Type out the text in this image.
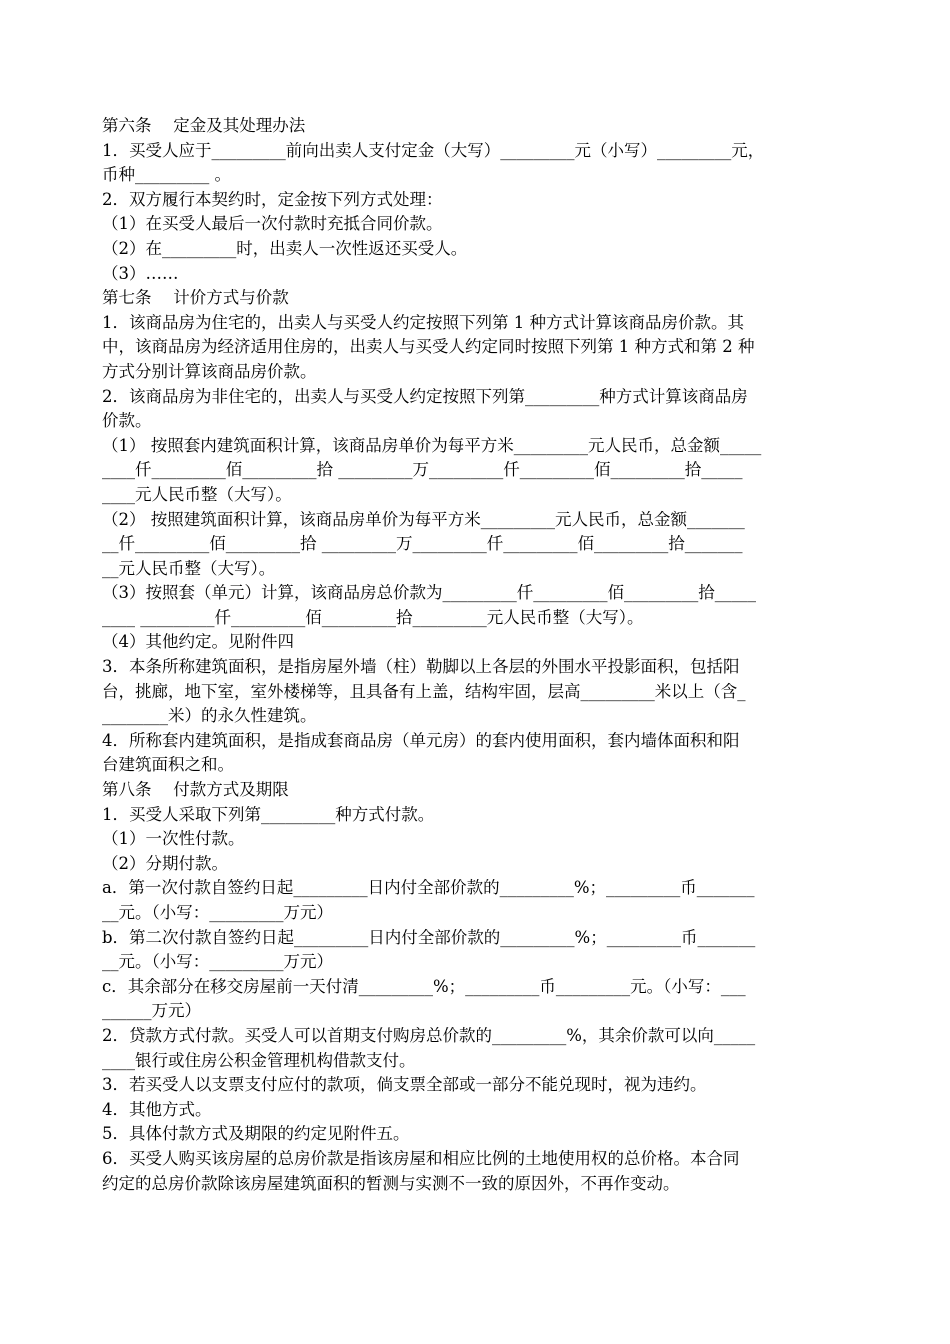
第六条　 定金及其处理办法
1．买受人应于_________前向出卖人支付定金（大写）_________元（小写）_________元，
币种_________ 。
2．双方履行本契约时，定金按下列方式处理：
（1）在买受人最后一次付款时充抵合同价款。
（2）在_________时，出卖人一次性返还买受人。
（3）……
第七条　 计价方式与价款
1．该商品房为住宅的，出卖人与买受人约定按照下列第 1 种方式计算该商品房价款。其
中，该商品房为经济适用住房的，出卖人与买受人约定同时按照下列第 1 种方式和第 2 种
方式分别计算该商品房价款。
2．该商品房为非住宅的，出卖人与买受人约定按照下列第_________种方式计算该商品房
价款。
（1） 按照套内建筑面积计算，该商品房单价为每平方米_________元人民币，总金额_____
____仟_________佰_________拾 _________万_________仟_________佰_________拾_____
____元人民币整（大写）。
（2） 按照建筑面积计算，该商品房单价为每平方米_________元人民币，总金额_______
__仟_________佰_________拾 _________万_________仟_________佰_________拾_______
__元人民币整（大写）。
（3）按照套（单元）计算，该商品房总价款为_________仟_________佰_________拾_____
____ _________仟_________佰_________拾_________元人民币整（大写）。
（4）其他约定。见附件四
3．本条所称建筑面积，是指房屋外墙（柱）勒脚以上各层的外围水平投影面积，包括阳
台，挑廊，地下室，室外楼梯等，且具备有上盖，结构牢固，层高_________米以上（含_
________米）的永久性建筑。
4．所称套内建筑面积，是指成套商品房（单元房）的套内使用面积，套内墙体面积和阳
台建筑面积之和。
第八条　 付款方式及期限
1．买受人采取下列第_________种方式付款。
（1）一次性付款。
（2）分期付款。
a．第一次付款自签约日起_________日内付全部价款的_________%；_________币_______
__元。（小写：_________万元）
b．第二次付款自签约日起_________日内付全部价款的_________%；_________币_______
__元。（小写：_________万元）
c．其余部分在移交房屋前一天付清_________%；_________币_________元。（小写：___
______万元）
2．贷款方式付款。买受人可以首期支付购房总价款的_________%，其余价款可以向_____
____银行或住房公积金管理机构借款支付。
3．若买受人以支票支付应付的款项，倘支票全部或一部分不能兑现时，视为违约。
4．其他方式。
5．具体付款方式及期限的约定见附件五。
6．买受人购买该房屋的总房价款是指该房屋和相应比例的土地使用权的总价格。本合同
约定的总房价款除该房屋建筑面积的暂测与实测不一致的原因外，不再作变动。
